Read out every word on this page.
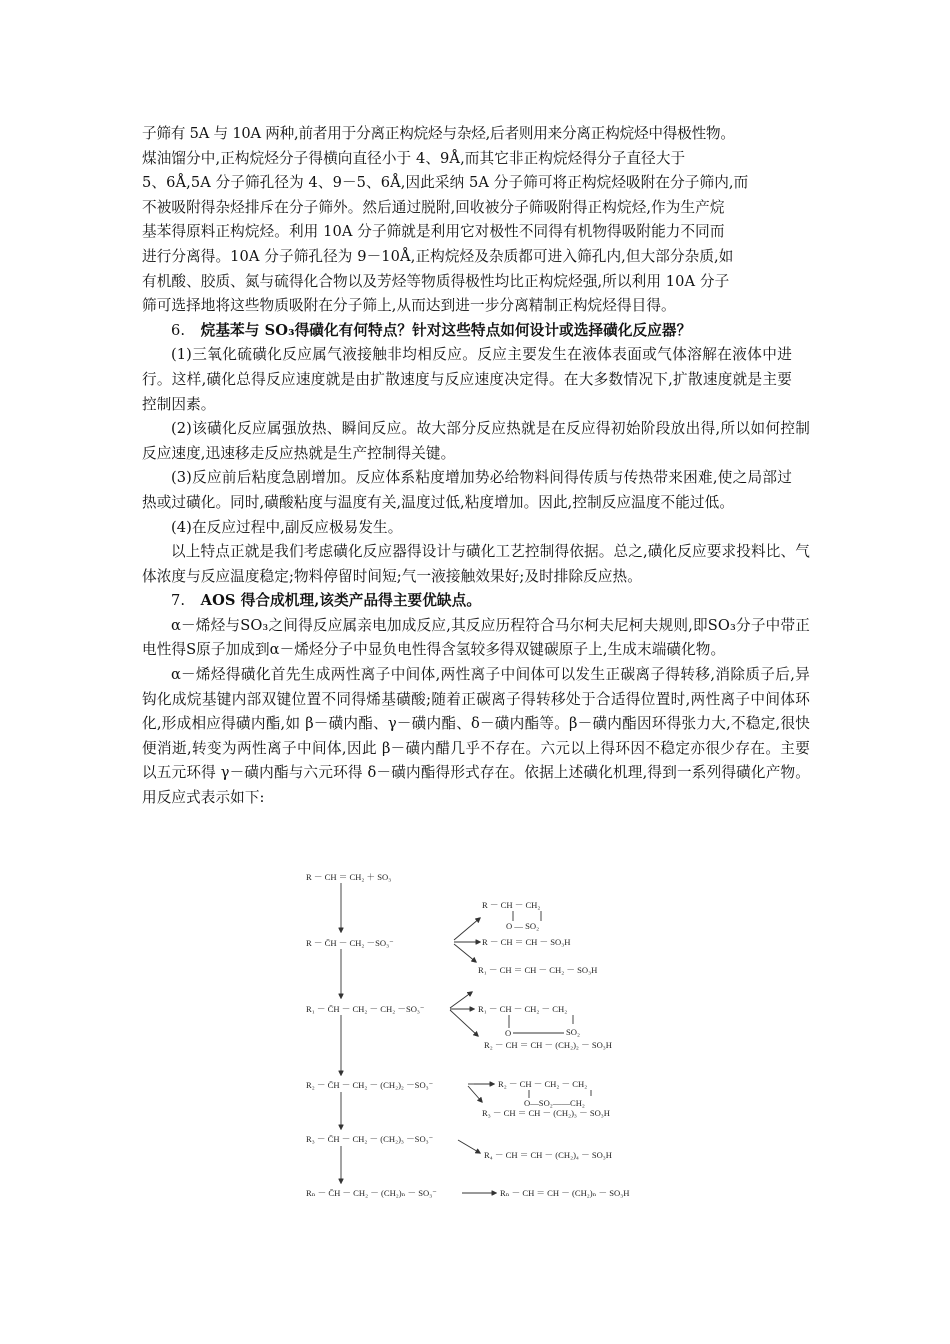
子筛有 5A 与 10A 两种,前者用于分离正构烷烃与杂烃,后者则用来分离正构烷烃中得极性物。

煤油馏分中,正构烷烃分子得横向直径小于 4、9Å,而其它非正构烷烃得分子直径大于

5、6Å,5A 分子筛孔径为 4、9－5、6Å,因此采纳 5A 分子筛可将正构烷烃吸附在分子筛内,而

不被吸附得杂烃排斥在分子筛外。然后通过脱附,回收被分子筛吸附得正构烷烃,作为生产烷

基苯得原料正构烷烃。利用 10A 分子筛就是利用它对极性不同得有机物得吸附能力不同而

进行分离得。10A 分子筛孔径为 9－10Å,正构烷烃及杂质都可进入筛孔内,但大部分杂质,如

有机酸、胶质、氮与硫得化合物以及芳烃等物质得极性均比正构烷烃强,所以利用 10A 分子

筛可选择地将这些物质吸附在分子筛上,从而达到进一步分离精制正构烷烃得目得。

6. 烷基苯与 SO₃得磺化有何特点？针对这些特点如何设计或选择磺化反应器？

(1)三氧化硫磺化反应属气液接触非均相反应。反应主要发生在液体表面或气体溶解在液体中进行。这样,磺化总得反应速度就是由扩散速度与反应速度决定得。在大多数情况下,扩散速度就是主要控制因素。

(2)该磺化反应属强放热、瞬间反应。故大部分反应热就是在反应得初始阶段放出得,所以如何控制反应速度,迅速移走反应热就是生产控制得关键。

(3)反应前后粘度急剧增加。反应体系粘度增加势必给物料间得传质与传热带来困难,使之局部过热或过磺化。同时,磺酸粘度与温度有关,温度过低,粘度增加。因此,控制反应温度不能过低。

(4)在反应过程中,副反应极易发生。

以上特点正就是我们考虑磺化反应器得设计与磺化工艺控制得依据。总之,磺化反应要求投料比、气体浓度与反应温度稳定;物料停留时间短;气一液接触效果好;及时排除反应热。

7. AOS 得合成机理,该类产品得主要优缺点。

α－烯烃与SO₃之间得反应属亲电加成反应,其反应历程符合马尔柯夫尼柯夫规则,即SO₃分子中带正电性得S原子加成到α－烯烃分子中显负电性得含氢较多得双键碳原子上,生成末端磺化物。

α－烯烃得磺化首先生成两性离子中间体,两性离子中间体可以发生正碳离子得转移,消除质子后,异钩化成烷基键内部双键位置不同得烯基磺酸;随着正碳离子得转移处于合适得位置时,两性离子中间体环化,形成相应得磺内酯,如 β－磺内酯、γ－磺内酯、δ－磺内酯等。β－磺内酯因环得张力大,不稳定,很快便消逝,转变为两性离子中间体,因此 β－磺内醋几乎不存在。六元以上得环因不稳定亦很少存在。主要以五元环得 γ－磺内酯与六元环得 δ－磺内酯得形式存在。依据上述磺化机理,得到一系列得磺化产物。用反应式表示如下:

R － CH ＝ CH₂ ＋ SO₃
R － C̄H － CH₂ －SO₃⁻
R － CH － CH₂
O — SO₂
R － CH ＝ CH － SO₃H
R₁ － CH ＝ CH － CH₂ － SO₃H
R₁ － C̄H － CH₂ － CH₂ －SO₃⁻	R₁ － CH － CH₂ － CH₂
O	SO₂
R₂ － CH ＝ CH － (CH₂)₂ － SO₃H
R₂ － C̄H － CH₂ － (CH₂)₂ －SO₃⁻	R₂ － CH － CH₂ － CH₂
O—SO₂——CH₂
R₃ － CH ＝ CH － (CH₂)₃ － SO₃H
R₃ － C̄H － CH₂ － (CH₂)₃ －SO₃⁻
R₄ － CH ＝ CH － (CH₂)₄ － SO₃H
Rₙ － C̄H － CH₂ － (CH₂)ₙ － SO₃⁻	Rₙ － CH ＝ CH － (CH₂)ₙ － SO₃H
